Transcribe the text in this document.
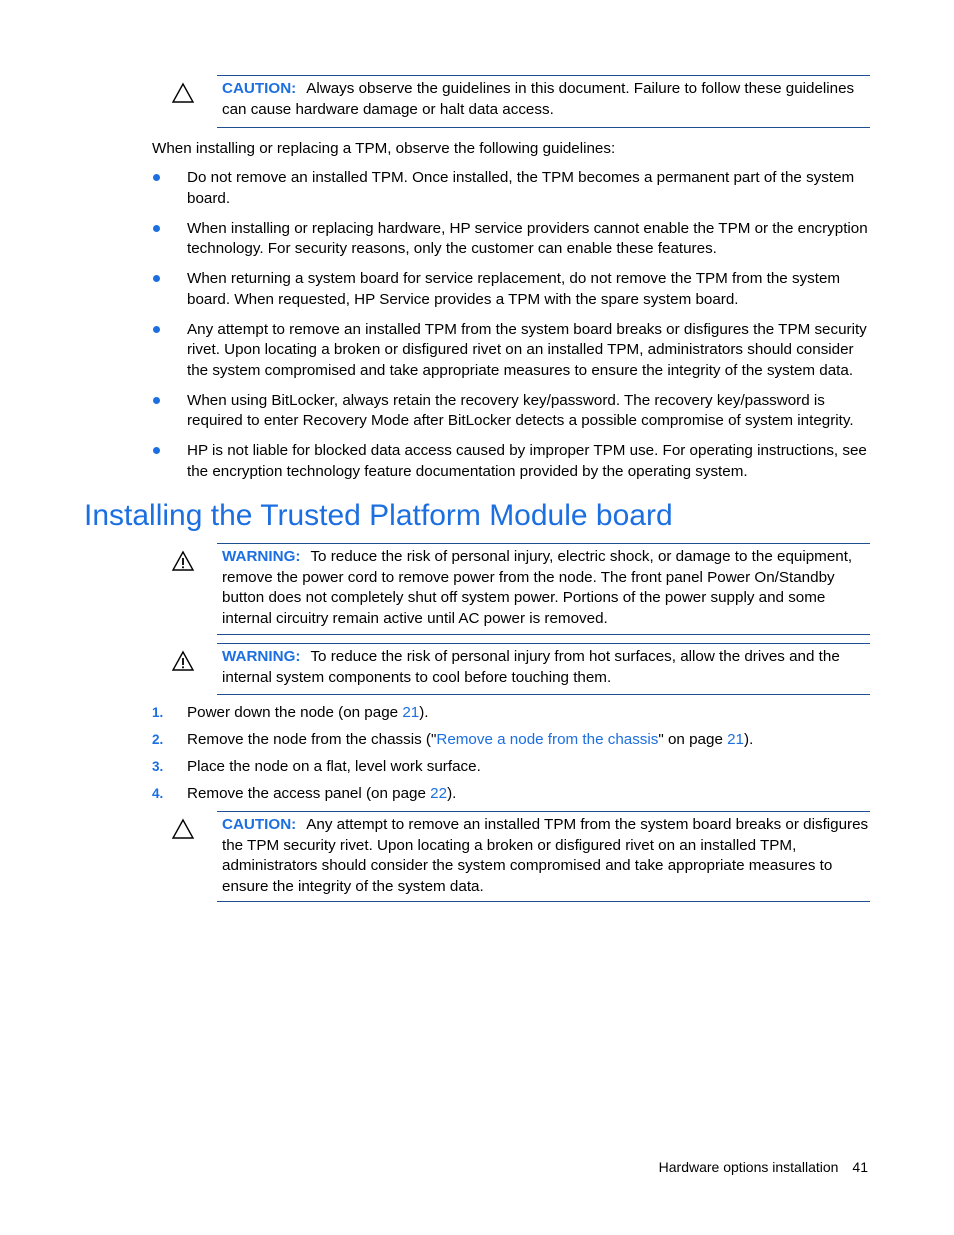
CAUTION: Always observe the guidelines in this document. Failure to follow these guidelines can cause hardware damage or halt data access.
When installing or replacing a TPM, observe the following guidelines:
Do not remove an installed TPM. Once installed, the TPM becomes a permanent part of the system board.
When installing or replacing hardware, HP service providers cannot enable the TPM or the encryption technology. For security reasons, only the customer can enable these features.
When returning a system board for service replacement, do not remove the TPM from the system board. When requested, HP Service provides a TPM with the spare system board.
Any attempt to remove an installed TPM from the system board breaks or disfigures the TPM security rivet. Upon locating a broken or disfigured rivet on an installed TPM, administrators should consider the system compromised and take appropriate measures to ensure the integrity of the system data.
When using BitLocker, always retain the recovery key/password. The recovery key/password is required to enter Recovery Mode after BitLocker detects a possible compromise of system integrity.
HP is not liable for blocked data access caused by improper TPM use. For operating instructions, see the encryption technology feature documentation provided by the operating system.
Installing the Trusted Platform Module board
WARNING: To reduce the risk of personal injury, electric shock, or damage to the equipment, remove the power cord to remove power from the node. The front panel Power On/Standby button does not completely shut off system power. Portions of the power supply and some internal circuitry remain active until AC power is removed.
WARNING: To reduce the risk of personal injury from hot surfaces, allow the drives and the internal system components to cool before touching them.
1. Power down the node (on page 21).
2. Remove the node from the chassis ("Remove a node from the chassis" on page 21).
3. Place the node on a flat, level work surface.
4. Remove the access panel (on page 22).
CAUTION: Any attempt to remove an installed TPM from the system board breaks or disfigures the TPM security rivet. Upon locating a broken or disfigured rivet on an installed TPM, administrators should consider the system compromised and take appropriate measures to ensure the integrity of the system data.
Hardware options installation 41
